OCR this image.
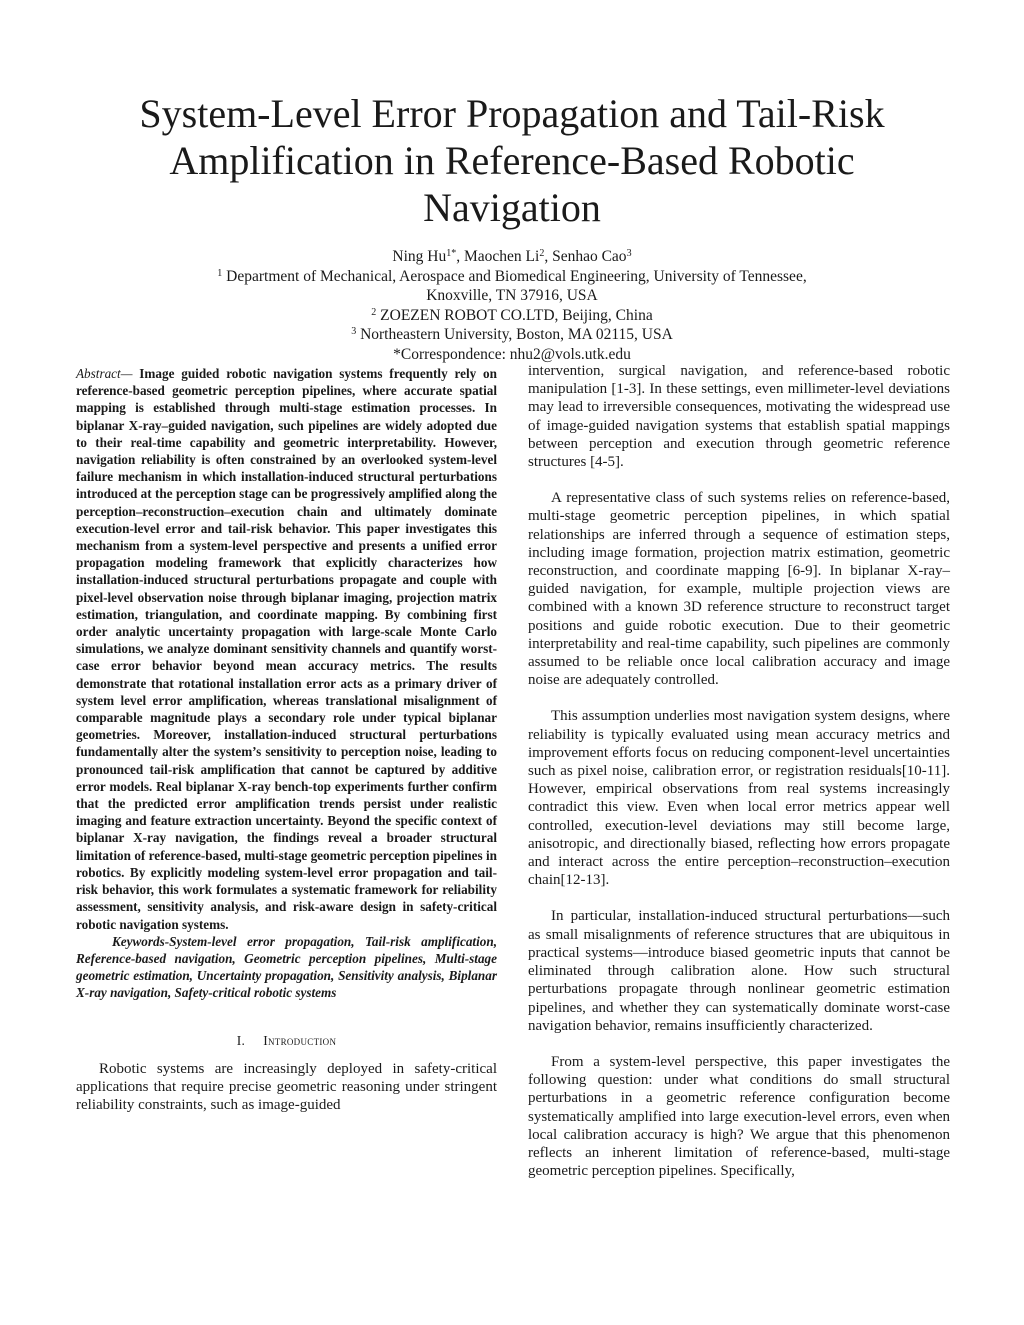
System-Level Error Propagation and Tail-Risk
Amplification in Reference-Based Robotic
Navigation
Ning $Hu^{1*}$, Maochen Li$^2$, Senhao Cao$^3$
$^1$ Department of Mechanical, Aerospace and Biomedical Engineering, University of Tennessee,
Knoxville, TN 37916, USA
$^2$ ZOEZEN ROBOT CO.LTD, Beijing, China
$^3$ Northeastern University, Boston, MA 02115, USA
*Correspondence: nhu2@vols.utk.edu

Abstract— Image guided robotic navigation systems frequently rely on reference-based geometric perception pipelines, where accurate spatial mapping is established through multi-stage estimation processes. In biplanar X-ray–guided navigation, such pipelines are widely adopted due to their real-time capability and geometric interpretability. However, navigation reliability is often constrained by an overlooked system-level failure mechanism in which installation-induced structural perturbations introduced at the perception stage can be progressively amplified along the perception–reconstruction–execution chain and ultimately dominate execution-level error and tail-risk behavior. This paper investigates this mechanism from a system-level perspective and presents a unified error propagation modeling framework that explicitly characterizes how installation-induced structural perturbations propagate and couple with pixel-level observation noise through biplanar imaging, projection matrix estimation, triangulation, and coordinate mapping. By combining first order analytic uncertainty propagation with large-scale Monte Carlo simulations, we analyze dominant sensitivity channels and quantify worst-case error behavior beyond mean accuracy metrics. The results demonstrate that rotational installation error acts as a primary driver of system level error amplification, whereas translational misalignment of comparable magnitude plays a secondary role under typical biplanar geometries. Moreover, installation-induced structural perturbations fundamentally alter the system’s sensitivity to perception noise, leading to pronounced tail-risk amplification that cannot be captured by additive error models. Real biplanar X-ray bench-top experiments further confirm that the predicted error amplification trends persist under realistic imaging and feature extraction uncertainty. Beyond the specific context of biplanar X-ray navigation, the findings reveal a broader structural limitation of reference-based, multi-stage geometric perception pipelines in robotics. By explicitly modeling system-level error propagation and tail-risk behavior, this work formulates a systematic framework for reliability assessment, sensitivity analysis, and risk-aware design in safety-critical robotic navigation systems.

Keywords-System-level error propagation, Tail-risk amplification, Reference-based navigation, Geometric perception pipelines, Multi-stage geometric estimation, Uncertainty propagation, Sensitivity analysis, Biplanar X-ray navigation, Safety-critical robotic systems

I. Introduction

Robotic systems are increasingly deployed in safety-critical applications that require precise geometric reasoning under stringent reliability constraints, such as image-guided

intervention, surgical navigation, and reference-based robotic manipulation [1-3]. In these settings, even millimeter-level deviations may lead to irreversible consequences, motivating the widespread use of image-guided navigation systems that establish spatial mappings between perception and execution through geometric reference structures [4-5].

A representative class of such systems relies on reference-based, multi-stage geometric perception pipelines, in which spatial relationships are inferred through a sequence of estimation steps, including image formation, projection matrix estimation, geometric reconstruction, and coordinate mapping [6-9]. In biplanar X-ray–guided navigation, for example, multiple projection views are combined with a known 3D reference structure to reconstruct target positions and guide robotic execution. Due to their geometric interpretability and real-time capability, such pipelines are commonly assumed to be reliable once local calibration accuracy and image noise are adequately controlled.

This assumption underlies most navigation system designs, where reliability is typically evaluated using mean accuracy metrics and improvement efforts focus on reducing component-level uncertainties such as pixel noise, calibration error, or registration residuals[10-11]. However, empirical observations from real systems increasingly contradict this view. Even when local error metrics appear well controlled, execution-level deviations may still become large, anisotropic, and directionally biased, reflecting how errors propagate and interact across the entire perception–reconstruction–execution chain[12-13].

In particular, installation-induced structural perturbations—such as small misalignments of reference structures that are ubiquitous in practical systems—introduce biased geometric inputs that cannot be eliminated through calibration alone. How such structural perturbations propagate through nonlinear geometric estimation pipelines, and whether they can systematically dominate worst-case navigation behavior, remains insufficiently characterized.

From a system-level perspective, this paper investigates the following question: under what conditions do small structural perturbations in a geometric reference configuration become systematically amplified into large execution-level errors, even when local calibration accuracy is high? We argue that this phenomenon reflects an inherent limitation of reference-based, multi-stage geometric perception pipelines. Specifically,
